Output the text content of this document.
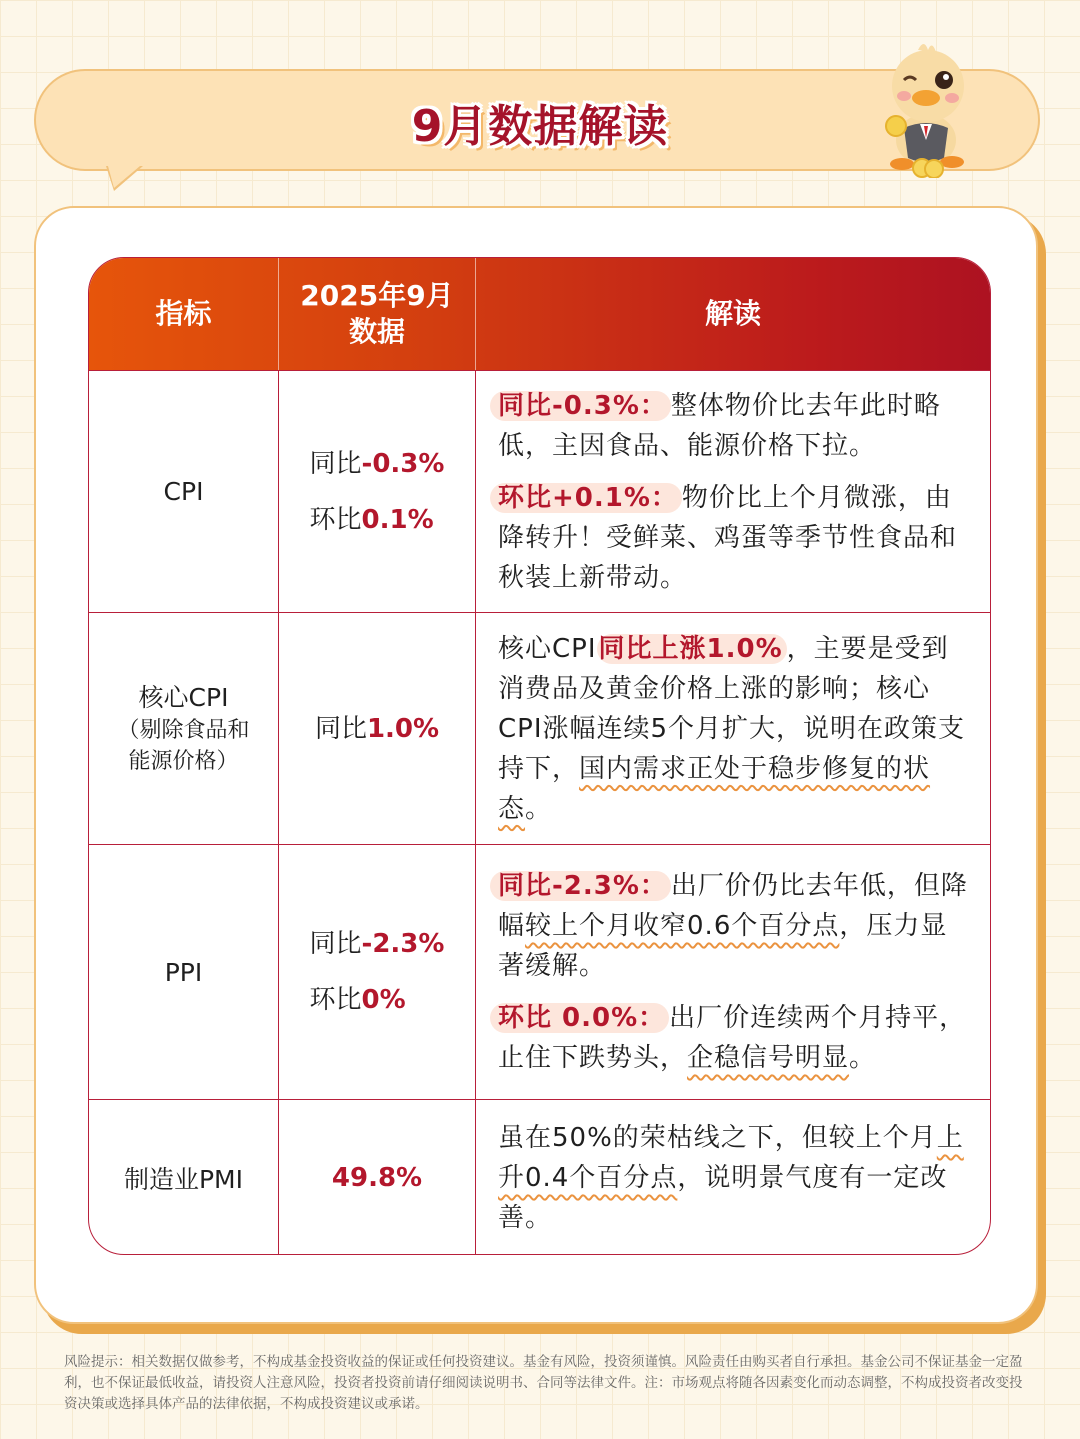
9月数据解读
指标
2025年9月
数据
解读
CPI
同比-0.3%
环比0.1%
同比-0.3%： 整体物价比去年此时略低，主因食品、能源价格下拉。
环比+0.1%： 物价比上个月微涨，由降转升！受鲜菜、鸡蛋等季节性食品和秋装上新带动。
核心CPI
（剔除食品和
能源价格）
同比1.0%
核心CPI同比上涨1.0% ，主要是受到消费品及黄金价格上涨的影响；核心CPI涨幅连续5个月扩大，说明在政策支持下，国内需求正处于稳步修复的状态。
PPI
同比-2.3%
环比0%
同比-2.3%： 出厂价仍比去年低，但降幅较上个月收窄0.6个百分点，压力显著缓解。
环比 0.0%： 出厂价连续两个月持平，止住下跌势头，企稳信号明显。
制造业PMI	49.8%
虽在50%的荣枯线之下，但较上个月上升0.4个百分点，说明景气度有一定改善。
风险提示：相关数据仅做参考，不构成基金投资收益的保证或任何投资建议。基金有风险，投资须谨慎。风险责任由购买者自行承担。基金公司不保证基金一定盈利，也不保证最低收益，请投资人注意风险，投资者投资前请仔细阅读说明书、合同等法律文件。注：市场观点将随各因素变化而动态调整，不构成投资者改变投资决策或选择具体产品的法律依据，不构成投资建议或承诺。
